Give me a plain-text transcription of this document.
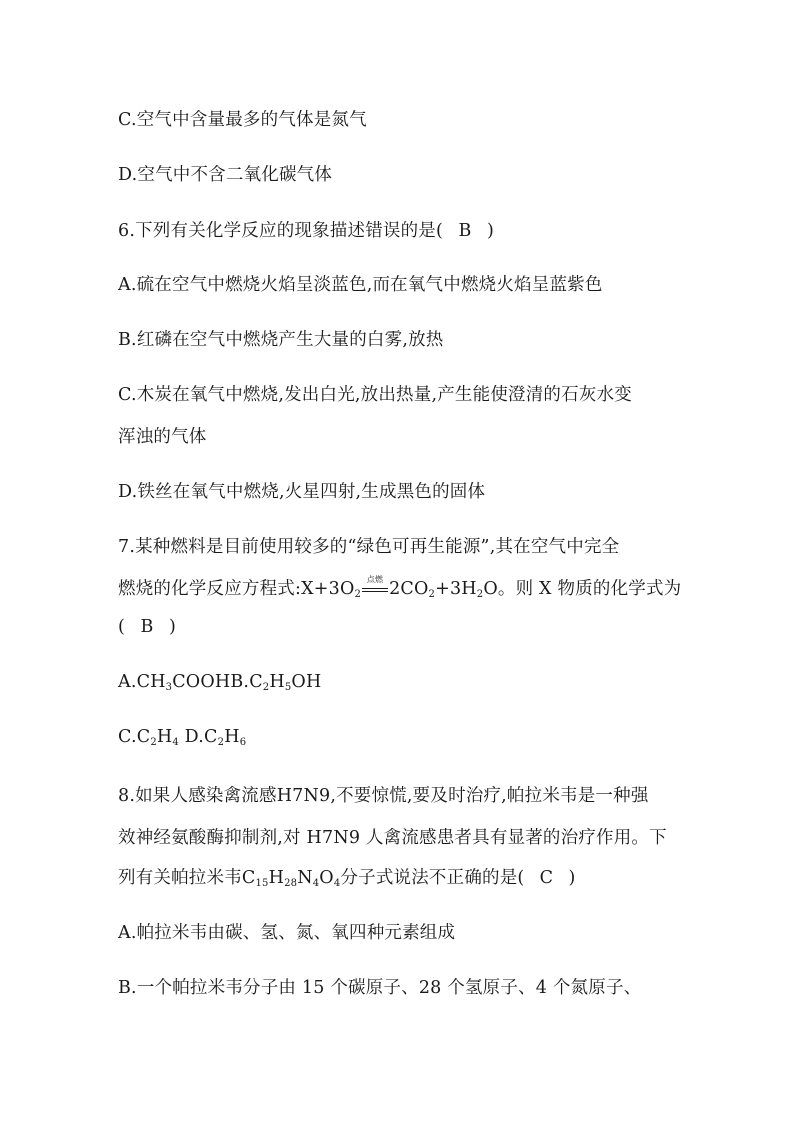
C.空气中含量最多的气体是氮气
D.空气中不含二氧化碳气体
6.下列有关化学反应的现象描述错误的是( B )
A.硫在空气中燃烧火焰呈淡蓝色,而在氧气中燃烧火焰呈蓝紫色
B.红磷在空气中燃烧产生大量的白雾,放热
C.木炭在氧气中燃烧,发出白光,放出热量,产生能使澄清的石灰水变
浑浊的气体
D.铁丝在氧气中燃烧,火星四射,生成黑色的固体
7.某种燃料是目前使用较多的“绿色可再生能源”,其在空气中完全
燃烧的化学反应方程式$:X+3O_2$
点燃 $2CO_2+3H_2O$。则 X 物质的化学式为
( B )
$A.CH_3COOHB.C_2H_5OH$
$C.C_2H_4$ $D.C_2H_6$
8.如果人感染禽流感H7N9,不要惊慌,要及时治疗,帕拉米韦是一种强
效神经氨酸酶抑制剂,对 H7N9 人禽流感患者具有显著的治疗作用。下
列有关帕拉米韦$C_{15}H_{28}N_4O_4$分子式说法不正确的是( C )
A.帕拉米韦由碳、氢、氮、氧四种元素组成
B.一个帕拉米韦分子由 15 个碳原子、28 个氢原子、4 个氮原子、
